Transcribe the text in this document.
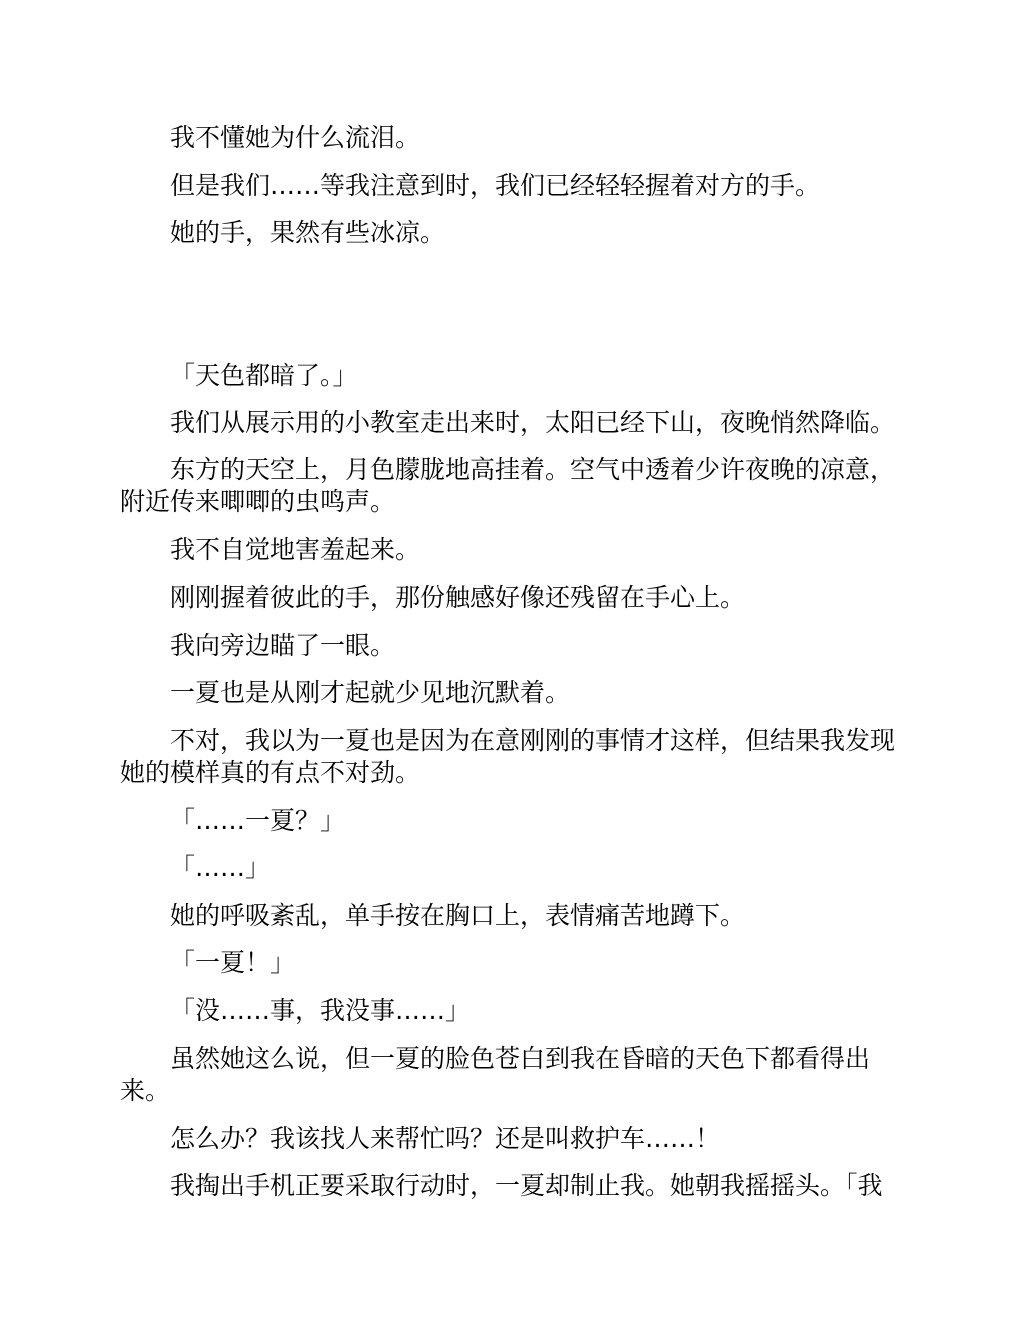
我不懂她为什么流泪。

但是我们……等我注意到时，我们已经轻轻握着对方的手。

她的手，果然有些冰凉。

「天色都暗了。」

我们从展示用的小教室走出来时，太阳已经下山，夜晚悄然降临。

东方的天空上，月色朦胧地高挂着。空气中透着少许夜晚的凉意，附近传来唧唧的虫鸣声。

我不自觉地害羞起来。

刚刚握着彼此的手，那份触感好像还残留在手心上。

我向旁边瞄了一眼。

一夏也是从刚才起就少见地沉默着。

不对，我以为一夏也是因为在意刚刚的事情才这样，但结果我发现她的模样真的有点不对劲。

「……一夏？」

「……」

她的呼吸紊乱，单手按在胸口上，表情痛苦地蹲下。

「一夏！」

「没……事，我没事……」

虽然她这么说，但一夏的脸色苍白到我在昏暗的天色下都看得出来。

怎么办？我该找人来帮忙吗？还是叫救护车……！

我掏出手机正要采取行动时，一夏却制止我。她朝我摇摇头。「我
